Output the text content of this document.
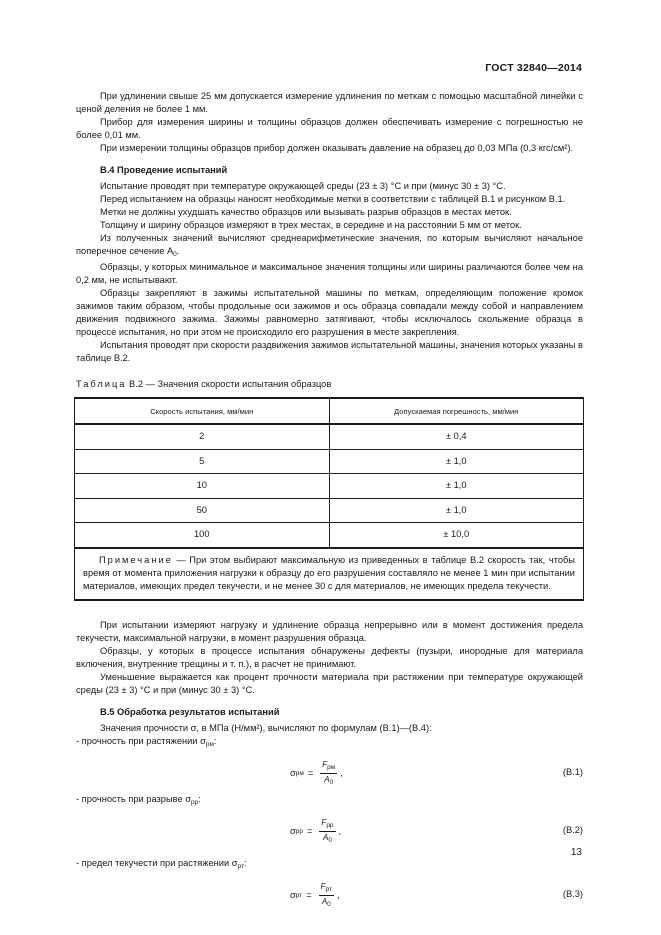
ГОСТ 32840—2014

При удлинении свыше 25 мм допускается измерение удлинения по меткам с помощью масштабной линейки с ценой деления не более 1 мм.

Прибор для измерения ширины и толщины образцов должен обеспечивать измерение с погрешностью не более 0,01 мм.

При измерении толщины образцов прибор должен оказывать давление на образец до 0,03 МПа (0,3 кгс/см²).

В.4 Проведение испытаний

Испытание проводят при температуре окружающей среды (23 ± 3) °С и при (минус 30 ± 3) °С.

Перед испытанием на образцы наносят необходимые метки в соответствии с таблицей В.1 и рисунком В.1.

Метки не должны ухудшать качество образцов или вызывать разрыв образцов в местах меток.

Толщину и ширину образцов измеряют в трех местах, в середине и на расстоянии 5 мм от меток.

Из полученных значений вычисляют среднеарифметические значения, по которым вычисляют начальное поперечное сечение $A_0$.

Образцы, у которых минимальное и максимальное значения толщины или ширины различаются более чем на 0,2 мм, не испытывают.

Образцы закрепляют в зажимы испытательной машины по меткам, определяющим положение кромок зажимов таким образом, чтобы продольные оси зажимов и ось образца совпадали между собой и направлением движения подвижного зажима. Зажимы равномерно затягивают, чтобы исключалось скольжение образца в процессе испытания, но при этом не происходило его разрушения в месте закрепления.

Испытания проводят при скорости раздвижения зажимов испытательной машины, значения которых указаны в таблице В.2.

Таблица В.2 — Значения скорости испытания образцов

Скорость испытания, мм/мин	Допускаемая погрешность, мм/мин
2	± 0,4
5	± 1,0
10	± 1,0
50	± 1,0
100	± 10,0
Примечание — При этом выбирают максимальную из приведенных в таблице В.2 скорость так, чтобы время от момента приложения нагрузки к образцу до его разрушения составляло не менее 1 мин при испытании материалов, имеющих предел текучести, и не менее 30 с для материалов, не имеющих предела текучести.	

При испытании измеряют нагрузку и удлинение образца непрерывно или в момент достижения предела текучести, максимальной нагрузки, в момент разрушения образца.

Образцы, у которых в процессе испытания обнаружены дефекты (пузыри, инородные для материала включения, внутренние трещины и т. п.), в расчет не принимают.

Уменьшение выражается как процент прочности материала при растяжении при температуре окружающей среды (23 ± 3) °С и при (минус 30 ± 3) °С.

В.5 Обработка результатов испытаний

Значения прочности σ, в МПа (Н/мм²), вычисляют по формулам (В.1)—(В.4):

- прочность при растяжении $\sigma_{рм}$:

σ рм = $\frac{F_{рм}}{A_0}$ ,	(В.1)

- прочность при разрыве $\sigma_{рр}$:

σ рр = $\frac{F_{рр}}{A_0}$ ,	(В.2)

- предел текучести при растяжении $\sigma_{рт}$:

σ рт = $\frac{F_{рт}}{A_0}$ ,	(В.3)
13
